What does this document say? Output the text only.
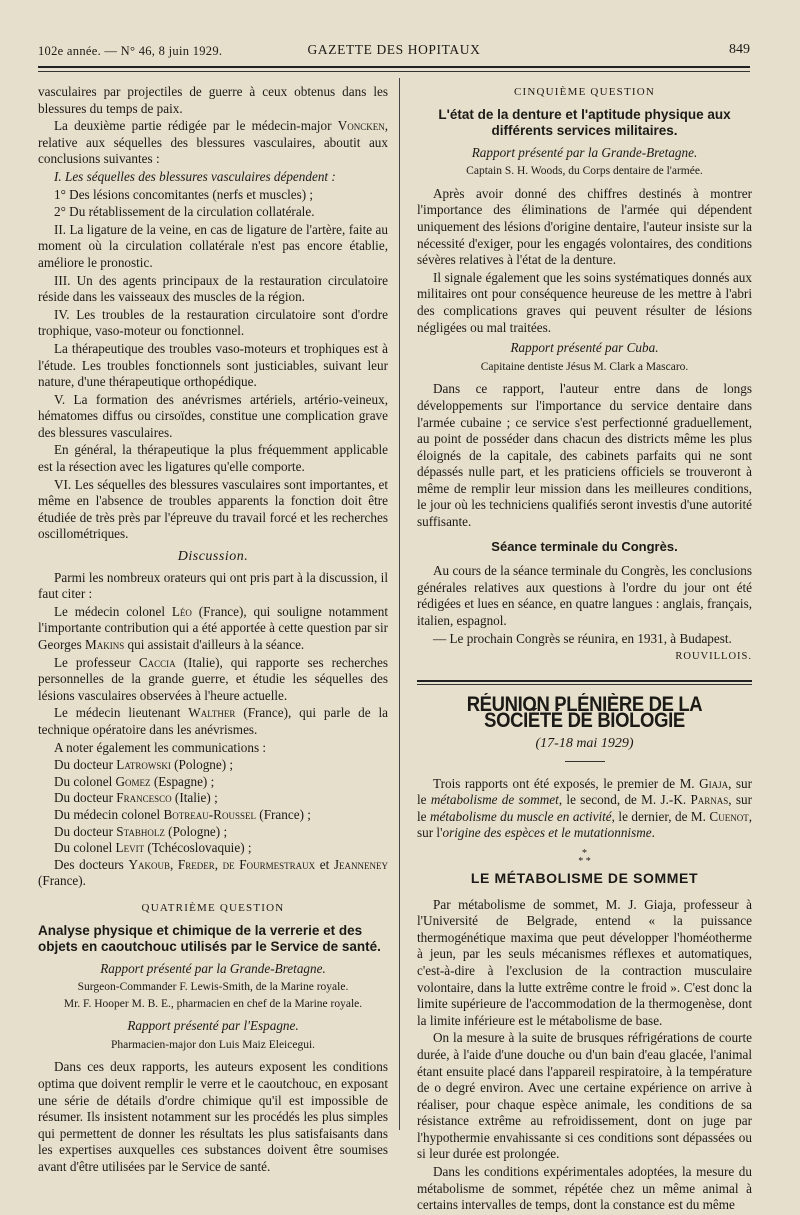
102e année. — N° 46, 8 juin 1929.	GAZETTE DES HOPITAUX	849

vasculaires par projectiles de guerre à ceux obtenus dans les blessures du temps de paix.

La deuxième partie rédigée par le médecin-major Voncken, relative aux séquelles des blessures vasculaires, aboutit aux conclusions suivantes :

I. Les séquelles des blessures vasculaires dépendent :

1° Des lésions concomitantes (nerfs et muscles) ;

2° Du rétablissement de la circulation collatérale.

II. La ligature de la veine, en cas de ligature de l'artère, faite au moment où la circulation collatérale n'est pas encore établie, améliore le pronostic.

III. Un des agents principaux de la restauration circulatoire réside dans les vaisseaux des muscles de la région.

IV. Les troubles de la restauration circulatoire sont d'ordre trophique, vaso-moteur ou fonctionnel.

La thérapeutique des troubles vaso-moteurs et trophiques est à l'étude. Les troubles fonctionnels sont justiciables, suivant leur nature, d'une thérapeutique orthopédique.

V. La formation des anévrismes artériels, artério-veineux, hématomes diffus ou cirsoïdes, constitue une complication grave des blessures vasculaires.

En général, la thérapeutique la plus fréquemment applicable est la résection avec les ligatures qu'elle comporte.

VI. Les séquelles des blessures vasculaires sont importantes, et même en l'absence de troubles apparents la fonction doit être étudiée de très près par l'épreuve du travail forcé et les recherches oscillométriques.

Discussion.

Parmi les nombreux orateurs qui ont pris part à la discussion, il faut citer :

Le médecin colonel Léo (France), qui souligne notamment l'importante contribution qui a été apportée à cette question par sir Georges Makins qui assistait d'ailleurs à la séance.

Le professeur Caccia (Italie), qui rapporte ses recherches personnelles de la grande guerre, et étudie les séquelles des lésions vasculaires observées à l'heure actuelle.

Le médecin lieutenant Walther (France), qui parle de la technique opératoire dans les anévrismes.

A noter également les communications :

Du docteur Latrowski (Pologne) ;

Du colonel Gomez (Espagne) ;

Du docteur Francesco (Italie) ;

Du médecin colonel Botreau-Roussel (France) ;

Du docteur Stabholz (Pologne) ;

Du colonel Levit (Tchécoslovaquie) ;

Des docteurs Yakoub, Freder, de Fourmestraux et Jeanneney (France).

QUATRIÈME QUESTION
Analyse physique et chimique de la verrerie et des objets en caoutchouc utilisés par le Service de santé.
Rapport présenté par la Grande-Bretagne.
Surgeon-Commander F. Lewis-Smith, de la Marine royale.
Mr. F. Hooper M. B. E., pharmacien en chef de la Marine royale.
Rapport présenté par l'Espagne.
Pharmacien-major don Luis Maiz Eleicegui.

Dans ces deux rapports, les auteurs exposent les conditions optima que doivent remplir le verre et le caoutchouc, en exposant une série de détails d'ordre chimique qu'il est impossible de résumer. Ils insistent notamment sur les procédés les plus simples qui permettent de donner les résultats les plus satisfaisants dans les expertises auxquelles ces substances doivent être soumises avant d'être utilisées par le Service de santé.

CINQUIÈME QUESTION
L'état de la denture et l'aptitude physique aux différents services militaires.
Rapport présenté par la Grande-Bretagne.
Captain S. H. Woods, du Corps dentaire de l'armée.

Après avoir donné des chiffres destinés à montrer l'importance des éliminations de l'armée qui dépendent uniquement des lésions d'origine dentaire, l'auteur insiste sur la nécessité d'exiger, pour les engagés volontaires, des conditions sévères relatives à l'état de la denture.

Il signale également que les soins systématiques donnés aux militaires ont pour conséquence heureuse de les mettre à l'abri des complications graves qui peuvent résulter de lésions négligées ou mal traitées.

Rapport présenté par Cuba.
Capitaine dentiste Jésus M. Clark a Mascaro.

Dans ce rapport, l'auteur entre dans de longs développements sur l'importance du service dentaire dans l'armée cubaine ; ce service s'est perfectionné graduellement, au point de posséder dans chacun des districts même les plus éloignés de la capitale, des cabinets parfaits qui ne sont dépassés nulle part, et les praticiens officiels se trouveront à même de remplir leur mission dans les meilleures conditions, le jour où les techniciens qualifiés seront investis d'une autorité suffisante.

Séance terminale du Congrès.

Au cours de la séance terminale du Congrès, les conclusions générales relatives aux questions à l'ordre du jour ont été rédigées et lues en séance, en quatre langues : anglais, français, italien, espagnol.

— Le prochain Congrès se réunira, en 1931, à Budapest.

ROUVILLOIS.
RÉUNION PLÉNIÈRE DE LA SOCIÉTÉ DE BIOLOGIE
(17-18 mai 1929)

Trois rapports ont été exposés, le premier de M. Giaja, sur le métabolisme de sommet, le second, de M. J.-K. Parnas, sur le métabolisme du muscle en activité, le dernier, de M. Cuenot, sur l'origine des espèces et le mutationnisme.

*
* *
LE MÉTABOLISME DE SOMMET

Par métabolisme de sommet, M. J. Giaja, professeur à l'Université de Belgrade, entend « la puissance thermogénétique maxima que peut développer l'homéotherme à jeun, par les seuls mécanismes réflexes et automatiques, c'est-à-dire à l'exclusion de la contraction musculaire volontaire, dans la lutte extrême contre le froid ». C'est donc la limite supérieure de l'accommodation de la thermogenèse, dont la limite inférieure est le métabolisme de base.

On la mesure à la suite de brusques réfrigérations de courte durée, à l'aide d'une douche ou d'un bain d'eau glacée, l'animal étant ensuite placé dans l'appareil respiratoire, à la température de o degré environ. Avec une certaine expérience on arrive à réaliser, pour chaque espèce animale, les conditions de sa résistance extrême au refroidissement, dont on juge par l'hypothermie envahissante si ces conditions sont dépassées ou si leur durée est prolongée.

Dans les conditions expérimentales adoptées, la mesure du métabolisme de sommet, répétée chez un même animal à certains intervalles de temps, dont la constance est du même
